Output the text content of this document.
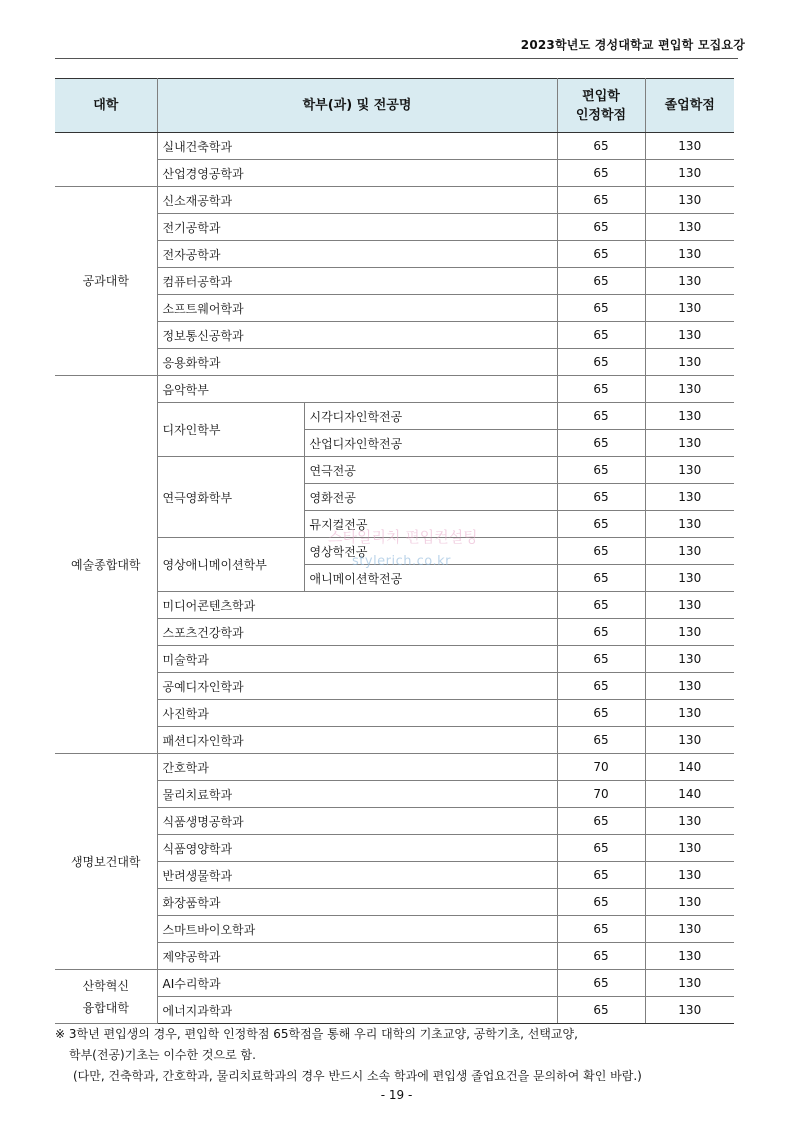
2023학년도 경성대학교 편입학 모집요강
대학	학부(과) 및 전공명		편입학
인정학점	졸업학점
	실내건축학과		65	130
	산업경영공학과		65	130
공과대학	신소재공학과		65	130
	전기공학과		65	130
	전자공학과		65	130
	컴퓨터공학과		65	130
	소프트웨어학과		65	130
	정보통신공학과		65	130
	응용화학과		65	130
예술종합대학	음악학부		65	130
	디자인학부	시각디자인학전공	65	130
		산업디자인학전공	65	130
	연극영화학부	연극전공	65	130
		영화전공	65	130
		뮤지컬전공	65	130
	영상애니메이션학부	영상학전공	65	130
		애니메이션학전공	65	130
	미디어콘텐츠학과		65	130
	스포츠건강학과		65	130
	미술학과		65	130
	공예디자인학과		65	130
	사진학과		65	130
	패션디자인학과		65	130
생명보건대학	간호학과		70	140
	물리치료학과		70	140
	식품생명공학과		65	130
	식품영양학과		65	130
	반려생물학과		65	130
	화장품학과		65	130
	스마트바이오학과		65	130
	제약공학과		65	130
산학혁신
융합대학	AI수리학과		65	130
	에너지과학과		65	130
스타일리치 편입컨설팅
stylerich.co.kr

※ 3학년 편입생의 경우, 편입학 인정학점 65학점을 통해 우리 대학의 기초교양, 공학기초, 선택교양,

학부(전공)기초는 이수한 것으로 함.

(다만, 건축학과, 간호학과, 물리치료학과의 경우 반드시 소속 학과에 편입생 졸업요건을 문의하여 확인 바람.)

- 19 -
